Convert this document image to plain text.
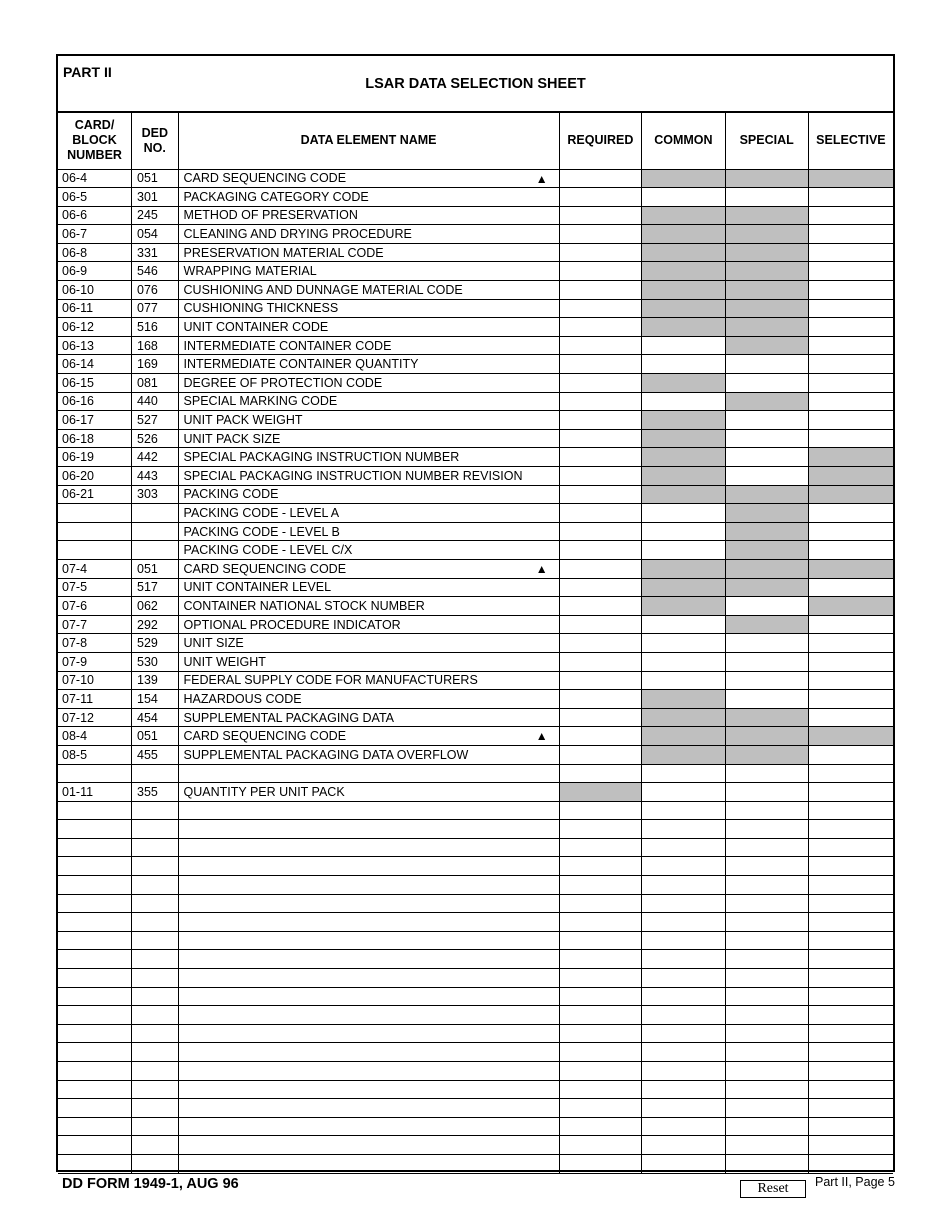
PART II
LSAR DATA SELECTION SHEET
CARD/
BLOCK
NUMBER	DED
NO.	DATA ELEMENT NAME	REQUIRED	COMMON	SPECIAL	SELECTIVE
06-4	051	CARD SEQUENCING CODE ▲				

06-5	301	PACKAGING CATEGORY CODE				
06-6	245	METHOD OF PRESERVATION				
06-7	054	CLEANING AND DRYING PROCEDURE				
06-8	331	PRESERVATION MATERIAL CODE				
06-9	546	WRAPPING MATERIAL				
06-10	076	CUSHIONING AND DUNNAGE MATERIAL CODE				
06-11	077	CUSHIONING THICKNESS				
06-12	516	UNIT CONTAINER CODE				
06-13	168	INTERMEDIATE CONTAINER CODE				
06-14	169	INTERMEDIATE CONTAINER QUANTITY				
06-15	081	DEGREE OF PROTECTION CODE				
06-16	440	SPECIAL MARKING CODE				
06-17	527	UNIT PACK WEIGHT				
06-18	526	UNIT PACK SIZE				
06-19	442	SPECIAL PACKAGING INSTRUCTION NUMBER				
06-20	443	SPECIAL PACKAGING INSTRUCTION NUMBER REVISION				
06-21	303	PACKING CODE				
		PACKING CODE - LEVEL A				
		PACKING CODE - LEVEL B				
		PACKING CODE - LEVEL C/X				
07-4	051	CARD SEQUENCING CODE ▲				

07-5	517	UNIT CONTAINER LEVEL				
07-6	062	CONTAINER NATIONAL STOCK NUMBER				
07-7	292	OPTIONAL PROCEDURE INDICATOR				
07-8	529	UNIT SIZE				
07-9	530	UNIT WEIGHT				
07-10	139	FEDERAL SUPPLY CODE FOR MANUFACTURERS				
07-11	154	HAZARDOUS CODE				
07-12	454	SUPPLEMENTAL PACKAGING DATA				
08-4	051	CARD SEQUENCING CODE ▲				

08-5	455	SUPPLEMENTAL PACKAGING DATA OVERFLOW				

01-11	355	QUANTITY PER UNIT PACK				

DD FORM 1949-1, AUG 96	Reset	Part II, Page 5
